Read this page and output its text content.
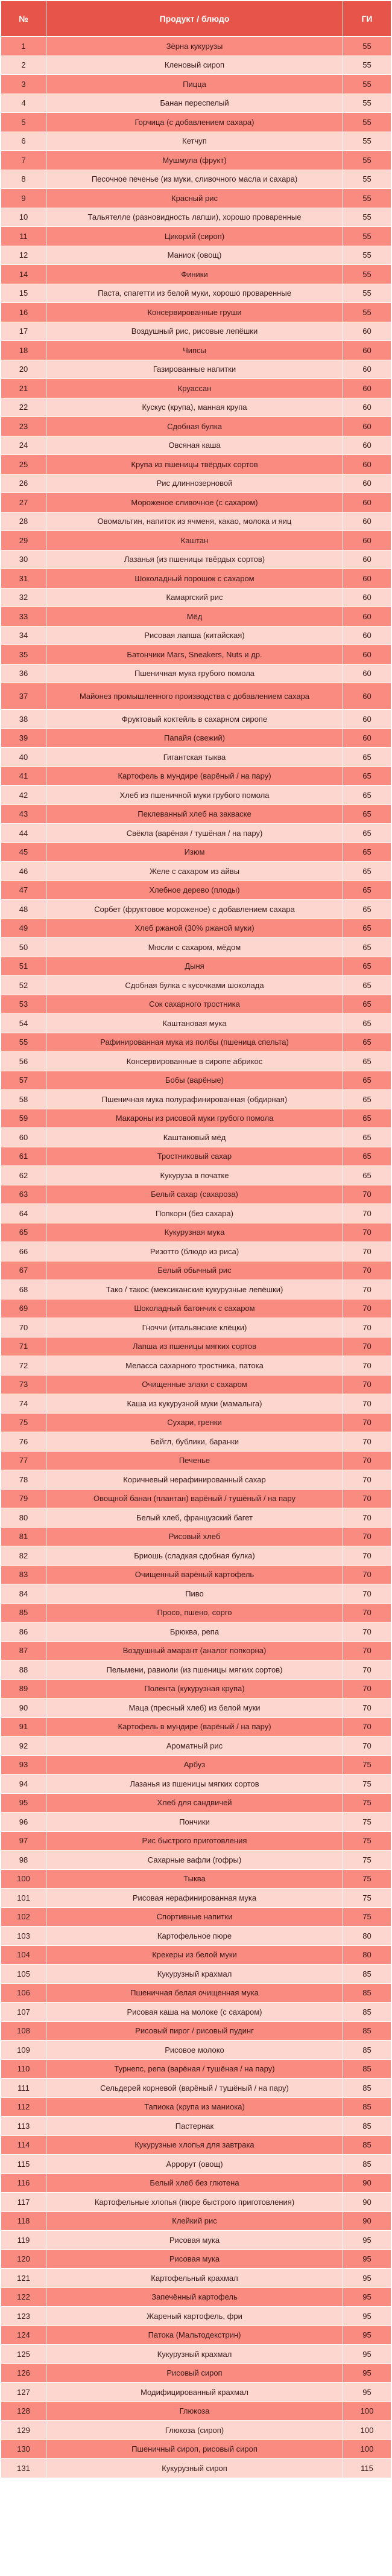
№	Продукт / блюдо	ГИ
1	Зёрна кукурузы	55
2	Кленовый сироп	55
3	Пицца	55
4	Банан переспелый	55
5	Горчица (с добавлением сахара)	55
6	Кетчуп	55
7	Мушмула (фрукт)	55
8	Песочное печенье (из муки, сливочного масла и сахара)	55
9	Красный рис	55
10	Тальятелле (разновидность лапши), хорошо проваренные	55
11	Цикорий (сироп)	55
12	Маниок (овощ)	55
14	Финики	55
15	Паста, спагетти из белой муки, хорошо проваренные	55
16	Консервированные груши	55
17	Воздушный рис, рисовые лепёшки	60
18	Чипсы	60
20	Газированные напитки	60
21	Круассан	60
22	Кускус (крупа), манная крупа	60
23	Сдобная булка	60
24	Овсяная каша	60
25	Крупа из пшеницы твёрдых сортов	60
26	Рис длиннозерновой	60
27	Мороженое сливочное (с сахаром)	60
28	Овомальтин, напиток из ячменя, какао, молока и яиц	60
29	Каштан	60
30	Лазанья (из пшеницы твёрдых сортов)	60
31	Шоколадный порошок с сахаром	60
32	Камаргский рис	60
33	Мёд	60
34	Рисовая лапша (китайская)	60
35	Батончики Mars, Sneakers, Nuts и др.	60
36	Пшеничная мука грубого помола	60
37	Майонез промышленного производства с добавлением сахара	60
38	Фруктовый коктейль в сахарном сиропе	60
39	Папайя (свежий)	60
40	Гигантская тыква	65
41	Картофель в мундире (варёный / на пару)	65
42	Хлеб из пшеничной муки грубого помола	65
43	Пеклеванный хлеб на закваске	65
44	Свёкла (варёная / тушёная / на пару)	65
45	Изюм	65
46	Желе с сахаром из айвы	65
47	Хлебное дерево (плоды)	65
48	Сорбет (фруктовое мороженое) с добавлением сахара	65
49	Хлеб ржаной (30% ржаной муки)	65
50	Мюсли с сахаром, мёдом	65
51	Дыня	65
52	Сдобная булка с кусочками шоколада	65
53	Сок сахарного тростника	65
54	Каштановая мука	65
55	Рафинированная мука из полбы (пшеница спельта)	65
56	Консервированные в сиропе абрикос	65
57	Бобы (варёные)	65
58	Пшеничная мука полурафинированная (обдирная)	65
59	Макароны из рисовой муки грубого помола	65
60	Каштановый мёд	65
61	Тростниковый сахар	65
62	Кукуруза в початке	65
63	Белый сахар (сахароза)	70
64	Попкорн (без сахара)	70
65	Кукурузная мука	70
66	Ризотто (блюдо из риса)	70
67	Белый обычный рис	70
68	Тако / такос (мексиканские кукурузные лепёшки)	70
69	Шоколадный батончик с сахаром	70
70	Гноччи (итальянские клёцки)	70
71	Лапша из пшеницы мягких сортов	70
72	Меласса сахарного тростника, патока	70
73	Очищенные злаки с сахаром	70
74	Каша из кукурузной муки (мамалыга)	70
75	Сухари, гренки	70
76	Бейгл, бублики, баранки	70
77	Печенье	70
78	Коричневый нерафинированный сахар	70
79	Овощной банан (плантан) варёный / тушёный / на пару	70
80	Белый хлеб, французский багет	70
81	Рисовый хлеб	70
82	Бриошь (сладкая сдобная булка)	70
83	Очищенный варёный картофель	70
84	Пиво	70
85	Просо, пшено, сорго	70
86	Брюква, репа	70
87	Воздушный амарант (аналог попкорна)	70
88	Пельмени, равиоли (из пшеницы мягких сортов)	70
89	Полента (кукурузная крупа)	70
90	Маца (пресный хлеб) из белой муки	70
91	Картофель в мундире (варёный / на пару)	70
92	Ароматный рис	70
93	Арбуз	75
94	Лазанья из пшеницы мягких сортов	75
95	Хлеб для сандвичей	75
96	Пончики	75
97	Рис быстрого приготовления	75
98	Сахарные вафли (гофры)	75
100	Тыква	75
101	Рисовая нерафинированная мука	75
102	Спортивные напитки	75
103	Картофельное пюре	80
104	Крекеры из белой муки	80
105	Кукурузный крахмал	85
106	Пшеничная белая очищенная мука	85
107	Рисовая каша на молоке (с сахаром)	85
108	Рисовый пирог / рисовый пудинг	85
109	Рисовое молоко	85
110	Турнепс, репа (варёная / тушёная / на пару)	85
111	Сельдерей корневой (варёный / тушёный / на пару)	85
112	Тапиока (крупа из маниока)	85
113	Пастернак	85
114	Кукурузные хлопья для завтрака	85
115	Аррорут (овощ)	85
116	Белый хлеб без глютена	90
117	Картофельные хлопья (пюре быстрого приготовления)	90
118	Клейкий рис	90
119	Рисовая мука	95
120	Рисовая мука	95
121	Картофельный крахмал	95
122	Запечённый картофель	95
123	Жареный картофель, фри	95
124	Патока (Мальтодекстрин)	95
125	Кукурузный крахмал	95
126	Рисовый сироп	95
127	Модифицированный крахмал	95
128	Глюкоза	100
129	Глюкоза (сироп)	100
130	Пшеничный сироп, рисовый сироп	100
131	Кукурузный сироп	115
